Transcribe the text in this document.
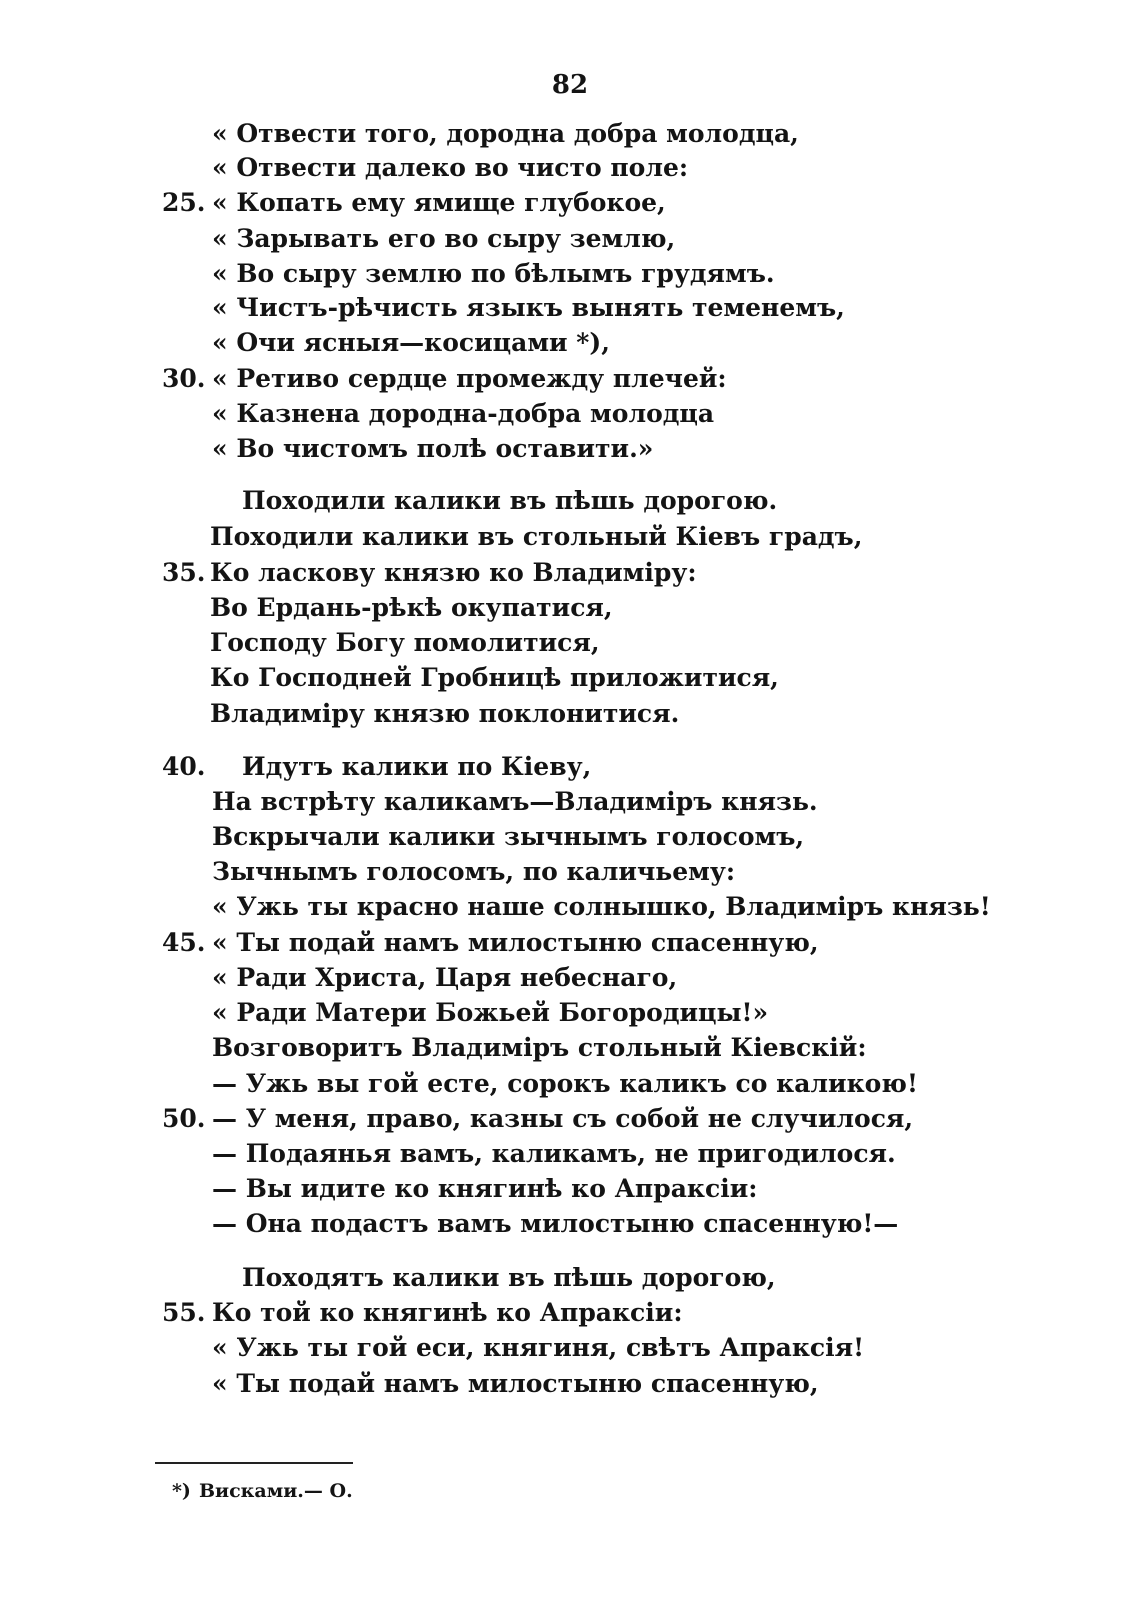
82
« Отвести того, дородна добра молодца,
« Отвести далеко во чисто поле:
25. « Копать ему ямище глубокое,
« Зарывать его во сыру землю,
« Во сыру землю по бѣлымъ грудямъ.
« Чистъ-рѣчисть языкъ вынять теменемъ,
« Очи ясныя—косицами *),
30. « Ретиво сердце промежду плечей:
« Казнена дородна-добра молодца
« Во чистомъ полѣ оставити.»
Походили калики въ пѣшь дорогою.
Походили калики въ стольный Кіевъ градъ,
35. Ко ласкову князю ко Владиміру:
Во Ердань-рѣкѣ окупатися,
Господу Богу помолитися,
Ко Господней Гробницѣ приложитися,
Владиміру князю поклонитися.
40.	Идутъ калики по Кіеву,
На встрѣту каликамъ—Владиміръ князь.
Вскрычали калики зычнымъ голосомъ,
Зычнымъ голосомъ, по каличьему:
« Ужь ты красно наше солнышко, Владиміръ князь!
45. « Ты подай намъ милостыню спасенную,
« Ради Христа, Царя небеснаго,
« Ради Матери Божьей Богородицы!»
Возговоритъ Владиміръ стольный Кіевскій:
— Ужь вы гой есте, сорокъ каликъ со каликою!
50. — У меня, право, казны съ собой не случилося,
— Подаянья вамъ, каликамъ, не пригодилося.
— Вы идите ко княгинѣ ко Апраксіи:
— Она подастъ вамъ милостыню спасенную!—
Походятъ калики въ пѣшь дорогою,
55. Ко той ко княгинѣ ко Апраксіи:
« Ужь ты гой еси, княгиня, свѣтъ Апраксія!
« Ты подай намъ милостыню спасенную,
*) Висками.— О.
